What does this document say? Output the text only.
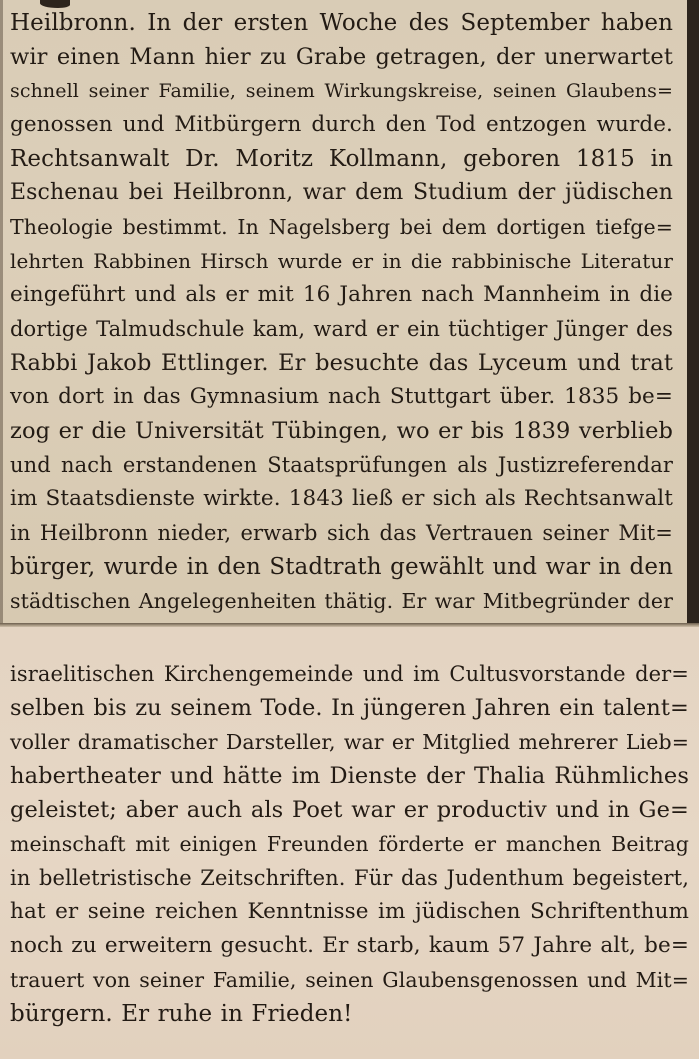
Heilbronn. In der ersten Woche des September haben
wir einen Mann hier zu Grabe getragen, der unerwartet
schnell seiner Familie, seinem Wirkungskreise, seinen Glaubens=
genossen und Mitbürgern durch den Tod entzogen wurde.
Rechtsanwalt Dr. Moritz Kollmann, geboren 1815 in
Eschenau bei Heilbronn, war dem Studium der jüdischen
Theologie bestimmt. In Nagelsberg bei dem dortigen tiefge=
lehrten Rabbinen Hirsch wurde er in die rabbinische Literatur
eingeführt und als er mit 16 Jahren nach Mannheim in die
dortige Talmudschule kam, ward er ein tüchtiger Jünger des
Rabbi Jakob Ettlinger. Er besuchte das Lyceum und trat
von dort in das Gymnasium nach Stuttgart über. 1835 be=
zog er die Universität Tübingen, wo er bis 1839 verblieb
und nach erstandenen Staatsprüfungen als Justizreferendar
im Staatsdienste wirkte. 1843 ließ er sich als Rechtsanwalt
in Heilbronn nieder, erwarb sich das Vertrauen seiner Mit=
bürger, wurde in den Stadtrath gewählt und war in den
städtischen Angelegenheiten thätig. Er war Mitbegründer der
israelitischen Kirchengemeinde und im Cultusvorstande der=
selben bis zu seinem Tode. In jüngeren Jahren ein talent=
voller dramatischer Darsteller, war er Mitglied mehrerer Lieb=
habertheater und hätte im Dienste der Thalia Rühmliches
geleistet; aber auch als Poet war er productiv und in Ge=
meinschaft mit einigen Freunden förderte er manchen Beitrag
in belletristische Zeitschriften. Für das Judenthum begeistert,
hat er seine reichen Kenntnisse im jüdischen Schriftenthum
noch zu erweitern gesucht. Er starb, kaum 57 Jahre alt, be=
trauert von seiner Familie, seinen Glaubensgenossen und Mit=
bürgern. Er ruhe in Frieden!
